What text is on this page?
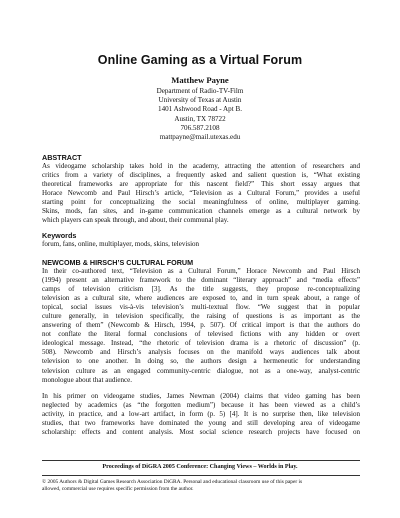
Online Gaming as a Virtual Forum
Matthew Payne
Department of Radio-TV-Film
University of Texas at Austin
1401 Ashwood Road - Apt B.
Austin, TX 78722
706.587.2108
mattpayne@mail.utexas.edu
ABSTRACT
As videogame scholarship takes hold in the academy, attracting the attention of researchers and
critics from a variety of disciplines, a frequently asked and salient question is, “What existing
theoretical frameworks are appropriate for this nascent field?” This short essay argues that
Horace Newcomb and Paul Hirsch’s article, “Television as a Cultural Forum,” provides a useful
starting point for conceptualizing the social meaningfulness of online, multiplayer gaming.
Skins, mods, fan sites, and in-game communication channels emerge as a cultural network by
which players can speak through, and about, their communal play.
Keywords
forum, fans, online, multiplayer, mods, skins, television
NEWCOMB & HIRSCH’S CULTURAL FORUM
In their co-authored text, “Television as a Cultural Forum,” Horace Newcomb and Paul Hirsch
(1994) present an alternative framework to the dominant “literary approach” and “media effects”
camps of television criticism [3]. As the title suggests, they propose re-conceptualizing
television as a cultural site, where audiences are exposed to, and in turn speak about, a range of
topical, social issues vis-à-vis television’s multi-textual flow. “We suggest that in popular
culture generally, in television specifically, the raising of questions is as important as the
answering of them” (Newcomb & Hirsch, 1994, p. 507). Of critical import is that the authors do
not conflate the literal formal conclusions of televised fictions with any hidden or overt
ideological message. Instead, “the rhetoric of television drama is a rhetoric of discussion” (p.
508). Newcomb and Hirsch’s analysis focuses on the manifold ways audiences talk about
television to one another. In doing so, the authors design a hermeneutic for understanding
television culture as an engaged community-centric dialogue, not as a one-way, analyst-centric
monologue about that audience.
In his primer on videogame studies, James Newman (2004) claims that video gaming has been
neglected by academics (as “the forgotten medium”) because it has been viewed as a child’s
activity, in practice, and a low-art artifact, in form (p. 5) [4]. It is no surprise then, like television
studies, that two frameworks have dominated the young and still developing area of videogame
scholarship: effects and content analysis. Most social science research projects have focused on
Proceedings of DiGRA 2005 Conference: Changing Views – Worlds in Play.
© 2005 Authors & Digital Games Research Association DiGRA. Personal and educational classroom use of this paper is
allowed, commercial use requires specific permission from the author.
